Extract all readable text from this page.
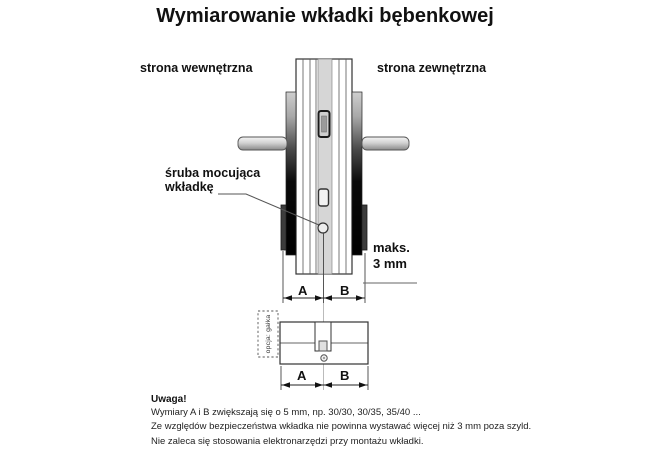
Wymiarowanie wkładki bębenkowej
strona wewnętrzna	strona zewnętrzna
śruba mocująca
wkładkę
maks.
3 mm
A	B
A	B
opcja: gałka
Uwaga!
Wymiary A i B zwiększają się o 5 mm, np. 30/30, 30/35, 35/40 ...
Ze względów bezpieczeństwa wkładka nie powinna wystawać więcej niż 3 mm poza szyld.
Nie zaleca się stosowania elektronarzędzi przy montażu wkładki.
